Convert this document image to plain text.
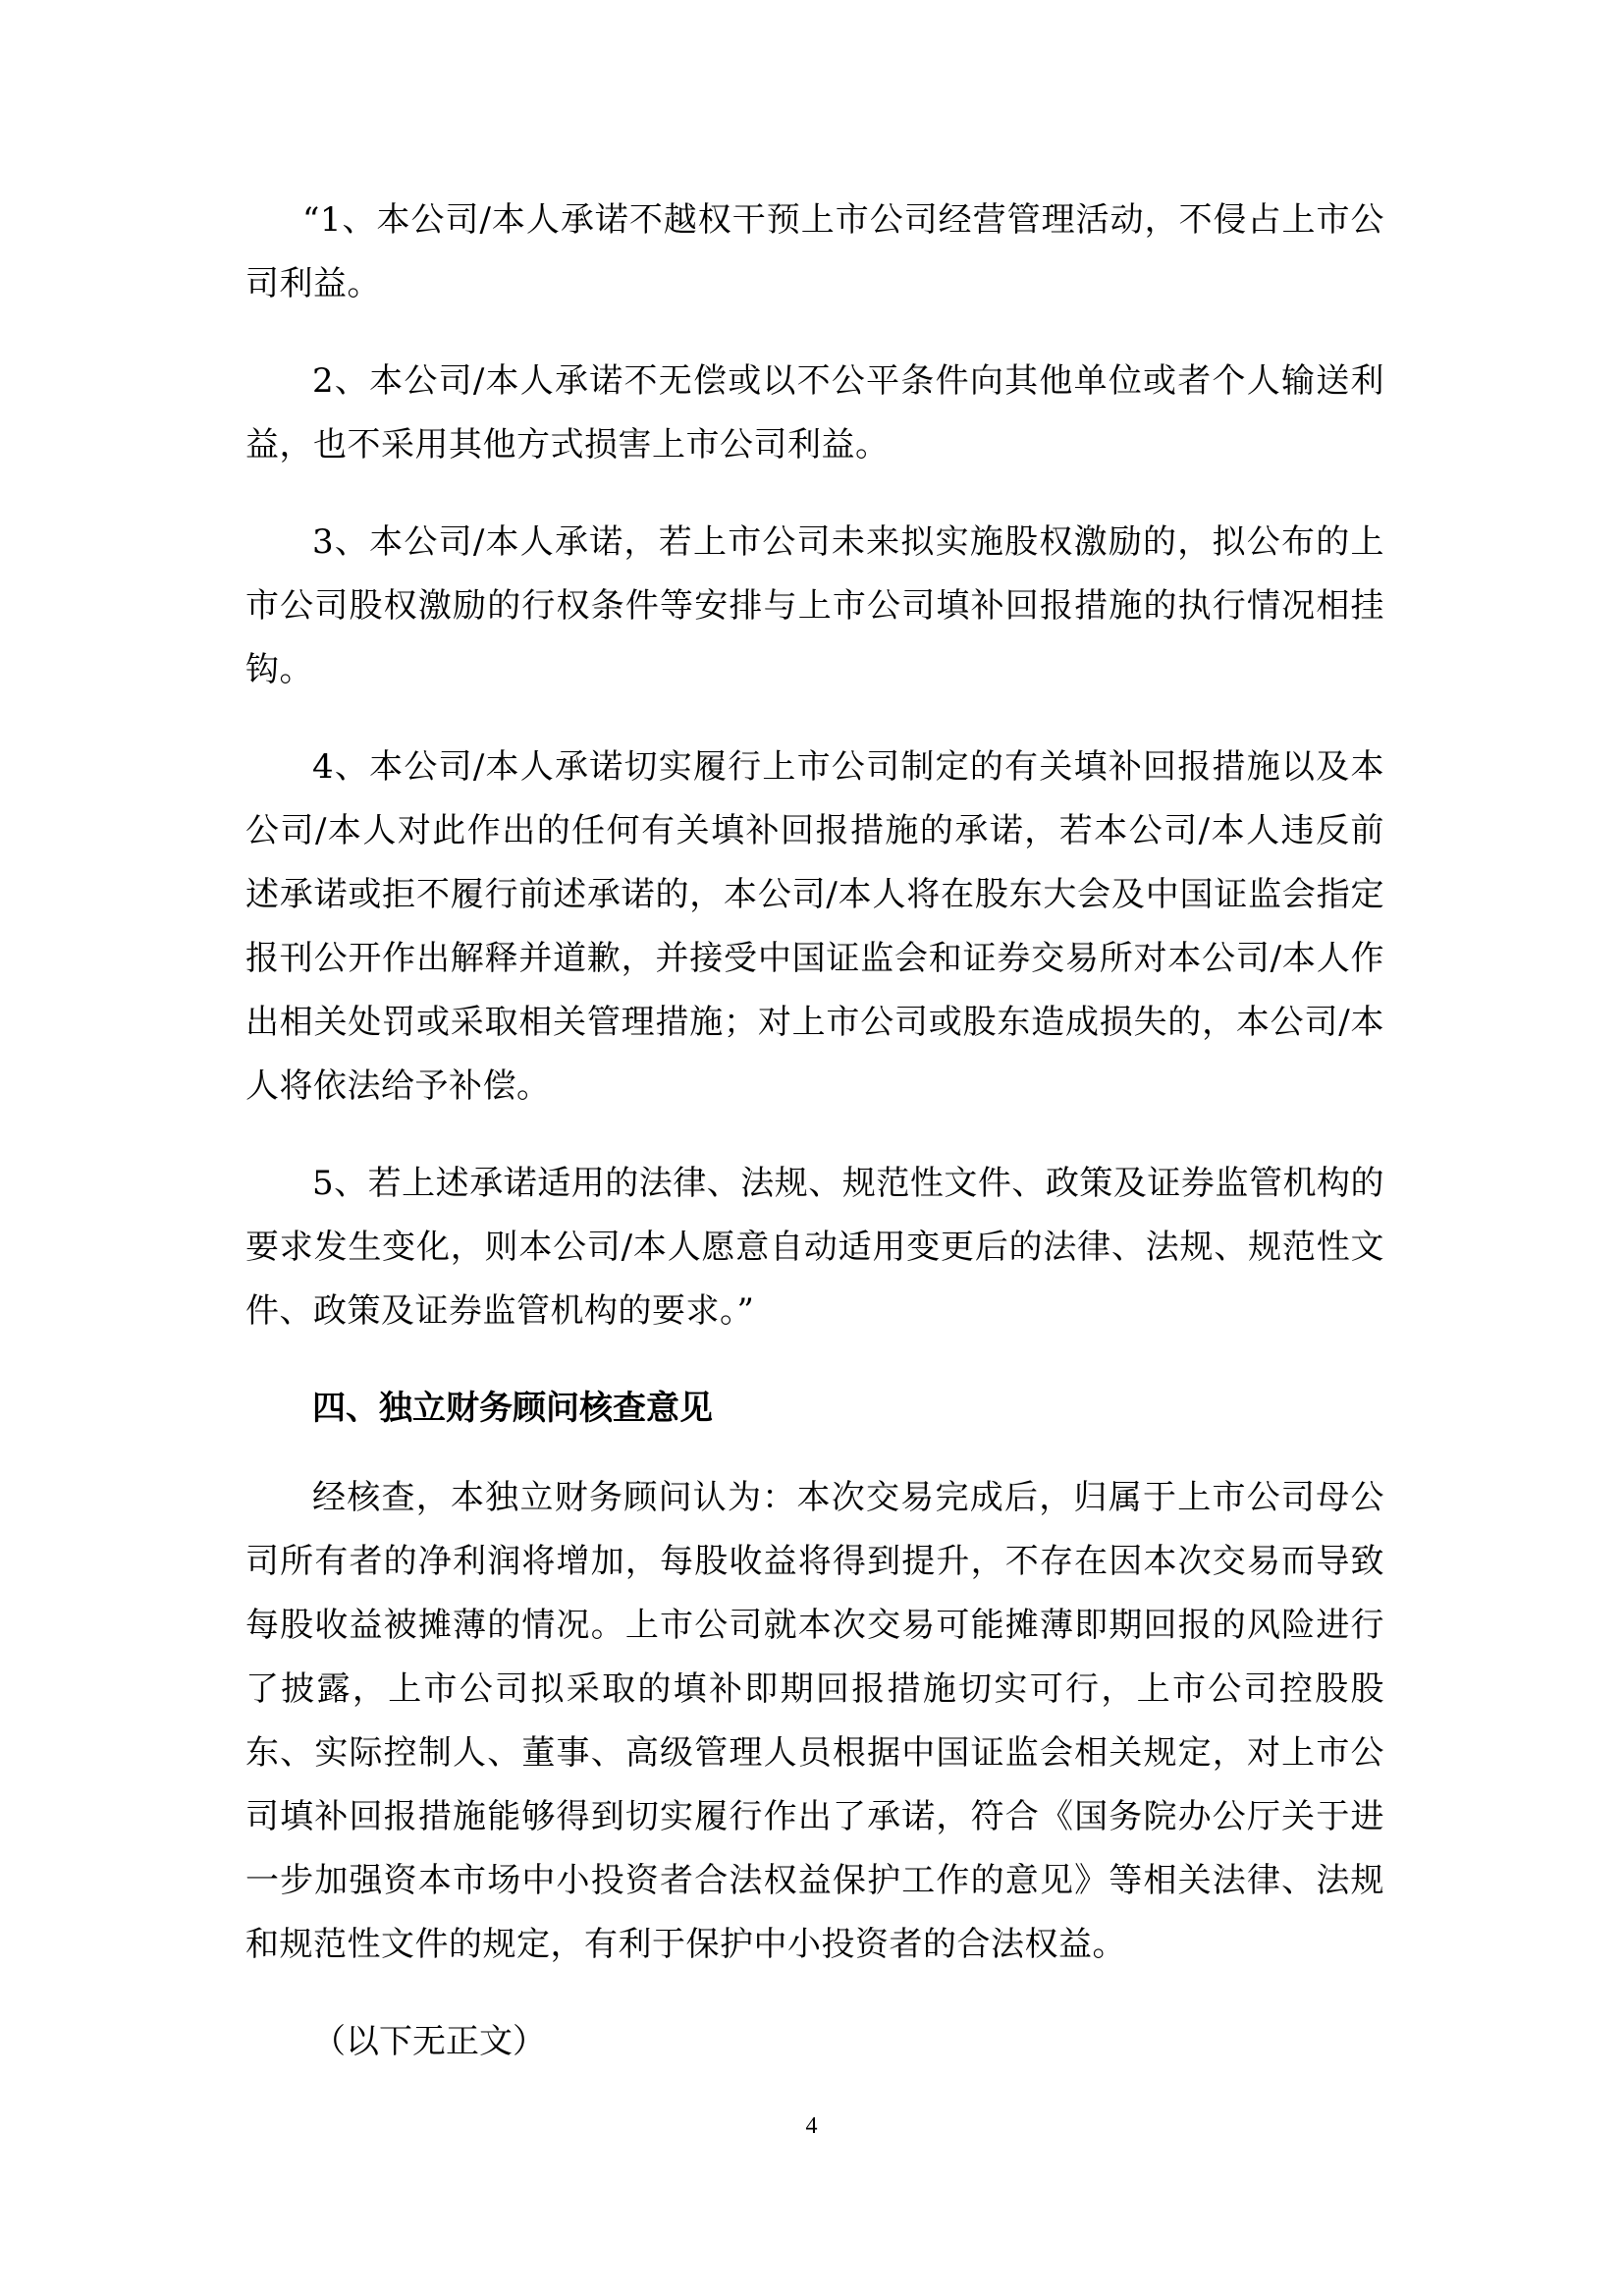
“1、本公司/本人承诺不越权干预上市公司经营管理活动，不侵占上市公司利益。

2、本公司/本人承诺不无偿或以不公平条件向其他单位或者个人输送利益，也不采用其他方式损害上市公司利益。

3、本公司/本人承诺，若上市公司未来拟实施股权激励的，拟公布的上市公司股权激励的行权条件等安排与上市公司填补回报措施的执行情况相挂钩。

4、本公司/本人承诺切实履行上市公司制定的有关填补回报措施以及本公司/本人对此作出的任何有关填补回报措施的承诺，若本公司/本人违反前述承诺或拒不履行前述承诺的，本公司/本人将在股东大会及中国证监会指定报刊公开作出解释并道歉，并接受中国证监会和证券交易所对本公司/本人作出相关处罚或采取相关管理措施；对上市公司或股东造成损失的，本公司/本人将依法给予补偿。

5、若上述承诺适用的法律、法规、规范性文件、政策及证券监管机构的要求发生变化，则本公司/本人愿意自动适用变更后的法律、法规、规范性文件、政策及证券监管机构的要求。”

四、独立财务顾问核查意见

经核查，本独立财务顾问认为：本次交易完成后，归属于上市公司母公司所有者的净利润将增加，每股收益将得到提升，不存在因本次交易而导致每股收益被摊薄的情况。上市公司就本次交易可能摊薄即期回报的风险进行了披露，上市公司拟采取的填补即期回报措施切实可行，上市公司控股股东、实际控制人、董事、高级管理人员根据中国证监会相关规定，对上市公司填补回报措施能够得到切实履行作出了承诺，符合《国务院办公厅关于进一步加强资本市场中小投资者合法权益保护工作的意见》等相关法律、法规和规范性文件的规定，有利于保护中小投资者的合法权益。

（以下无正文）

4
